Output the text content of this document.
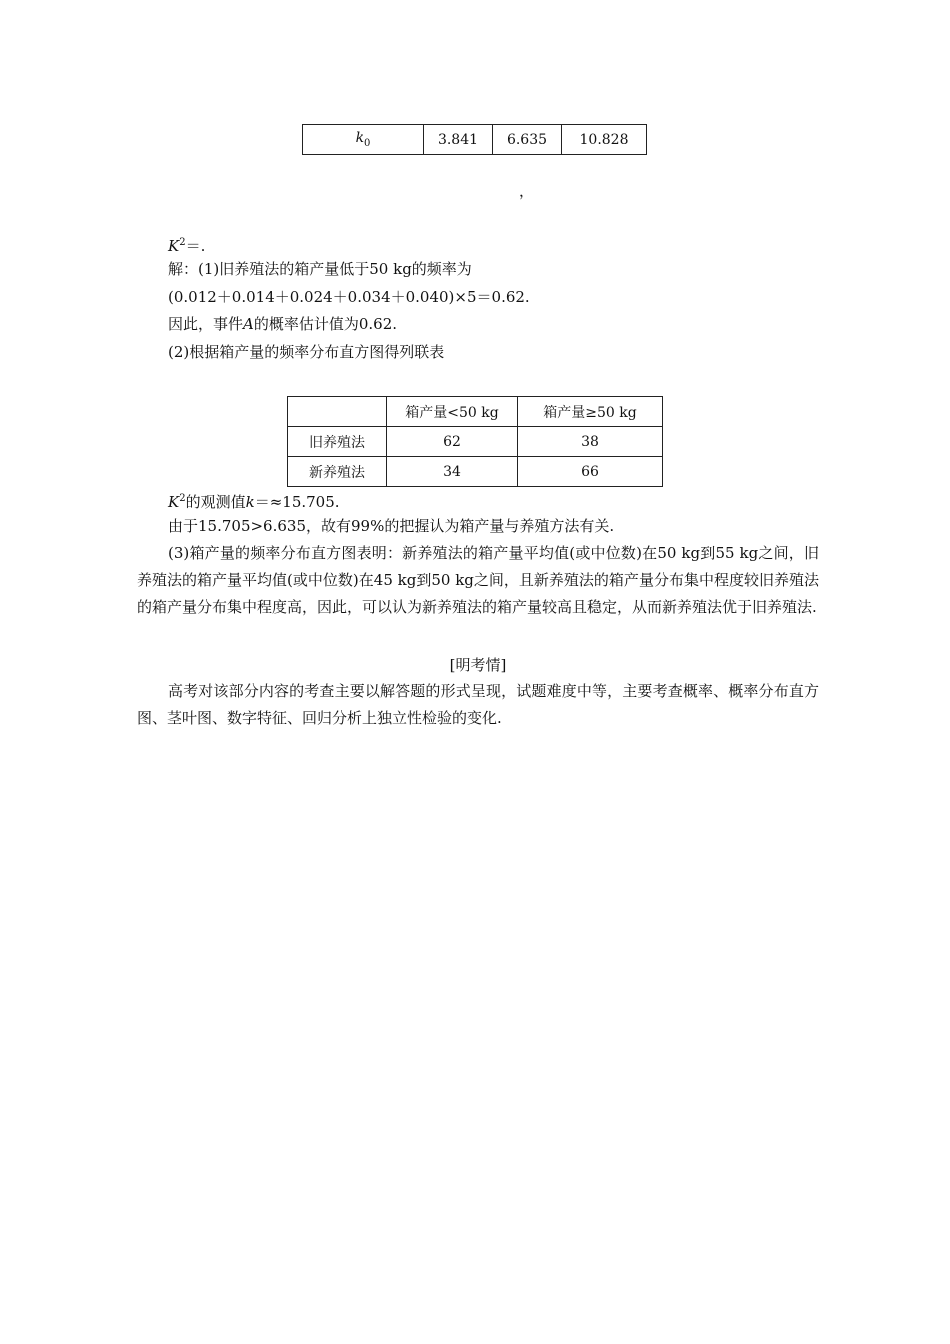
$k_0$	3.841	6.635	10.828
，
$K^2=$.
解：(1)旧养殖法的箱产量低于50 kg的频率为
(0.012＋0.014＋0.024＋0.034＋0.040)×5＝0.62.
因此，事件A的概率估计值为0.62.
(2)根据箱产量的频率分布直方图得列联表
	箱产量<50 kg	箱产量≥50 kg
旧养殖法	62	38
新养殖法	34	66
$K^2$的观测值k＝≈15.705.
由于15.705>6.635，故有99%的把握认为箱产量与养殖方法有关.
(3)箱产量的频率分布直方图表明：新养殖法的箱产量平均值(或中位数)在50 kg到55 kg之间，旧养殖法的箱产量平均值(或中位数)在45 kg到50 kg之间，且新养殖法的箱产量分布集中程度较旧养殖法的箱产量分布集中程度高，因此，可以认为新养殖法的箱产量较高且稳定，从而新养殖法优于旧养殖法.
[明考情]
高考对该部分内容的考查主要以解答题的形式呈现，试题难度中等，主要考查概率、概率分布直方图、茎叶图、数字特征、回归分析上独立性检验的变化.
